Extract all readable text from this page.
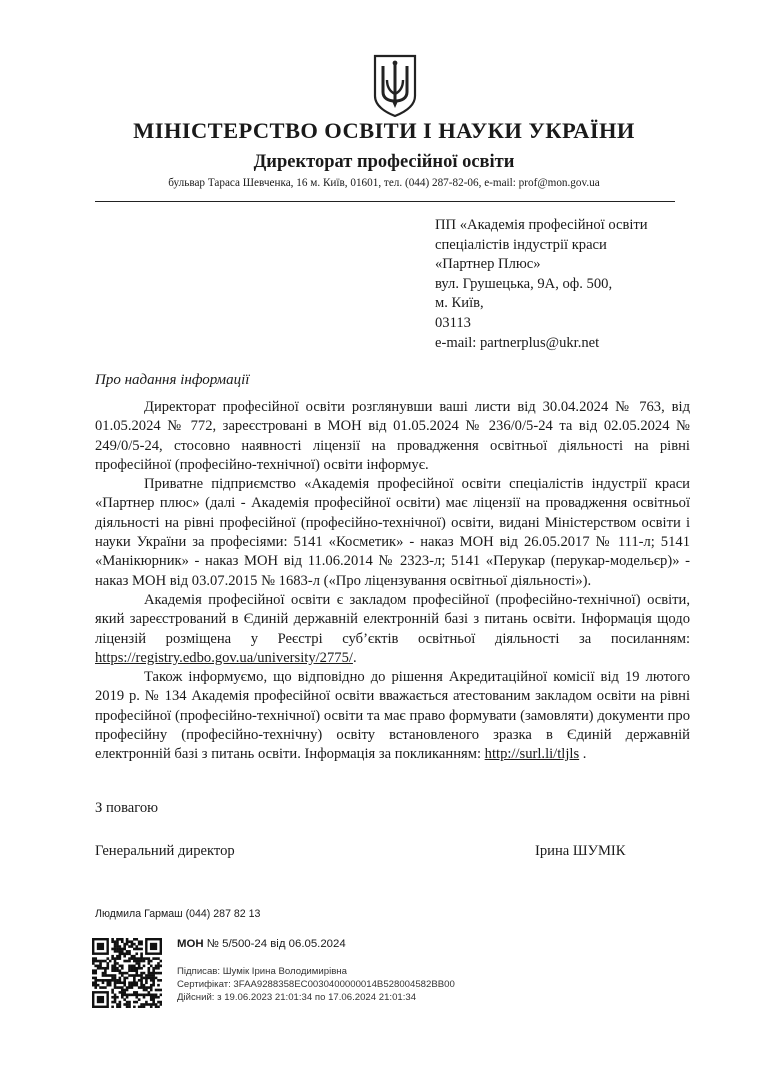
МІНІСТЕРСТВО ОСВІТИ І НАУКИ УКРАЇНИ
Директорат професійної освіти
бульвар Тараса Шевченка, 16 м. Київ, 01601, тел. (044) 287-82-06, e-mail: prof@mon.gov.ua
ПП «Академія професійної освіти
спеціалістів індустрії краси
«Партнер Плюс»
вул. Грушецька, 9А, оф. 500,
м. Київ,
03113
e-mail: partnerplus@ukr.net
Про надання інформації

Директорат професійної освіти розглянувши ваші листи від 30.04.2024 № 763, від 01.05.2024 № 772, зареєстровані в МОН від 01.05.2024 № 236/0/5-24 та від 02.05.2024 № 249/0/5-24, стосовно наявності ліцензії на провадження освітньої діяльності на рівні професійної (професійно-технічної) освіти інформує.

Приватне підприємство «Академія професійної освіти спеціалістів індустрії краси «Партнер плюс» (далі - Академія професійної освіти) має ліцензії на провадження освітньої діяльності на рівні професійної (професійно-технічної) освіти, видані Міністерством освіти і науки України за професіями: 5141 «Косметик» - наказ МОН від 26.05.2017 № 111-л; 5141 «Манікюрник» - наказ МОН від 11.06.2014 № 2323-л; 5141 «Перукар (перукар-модельєр)» - наказ МОН від 03.07.2015 № 1683-л («Про ліцензування освітньої діяльності»).

Академія професійної освіти є закладом професійної (професійно-технічної) освіти, який зареєстрований в Єдиній державній електронній базі з питань освіти. Інформація щодо ліцензій розміщена у Реєстрі суб’єктів освітньої діяльності за посиланням: https://registry.edbo.gov.ua/university/2775/.

Також інформуємо, що відповідно до рішення Акредитаційної комісії від 19 лютого 2019 р. № 134 Академія професійної освіти вважається атестованим закладом освіти на рівні професійної (професійно-технічної) освіти та має право формувати (замовляти) документи про професійну (професійно-технічну) освіту встановленого зразка в Єдиній державній електронній базі з питань освіти. Інформація за покликанням: http://surl.li/tljls .

З повагою
Генеральний директор	Ірина ШУМІК
Людмила Гармаш (044) 287 82 13
МОН № 5/500-24 від 06.05.2024
Підписав: Шумік Ірина Володимирівна
Сертифікат: 3FAA9288358EC0030400000014B528004582BB00
Дійсний: з 19.06.2023 21:01:34 по 17.06.2024 21:01:34
